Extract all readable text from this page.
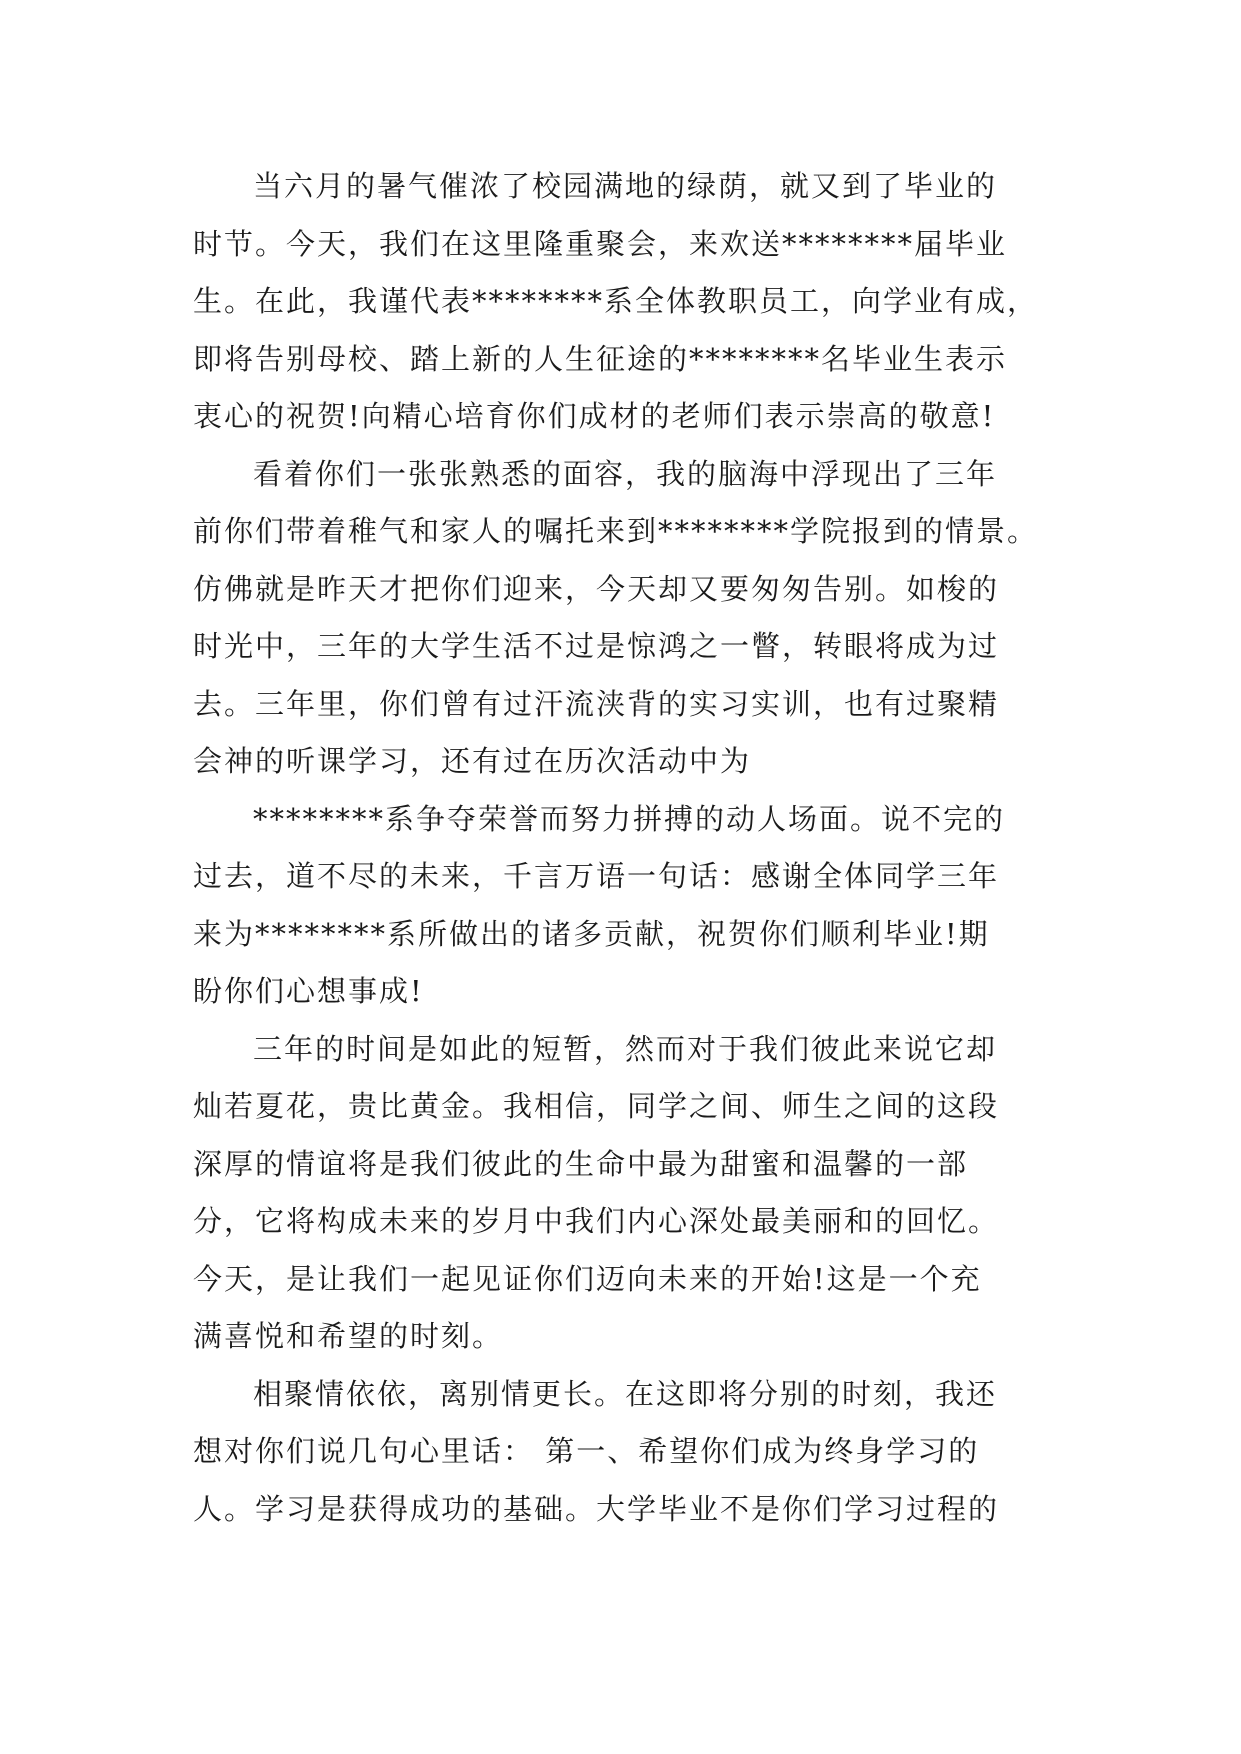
当六月的暑气催浓了校园满地的绿荫，就又到了毕业的
时节。今天，我们在这里隆重聚会，来欢送********届毕业
生。在此，我谨代表********系全体教职员工，向学业有成，
即将告别母校、踏上新的人生征途的********名毕业生表示
衷心的祝贺!向精心培育你们成材的老师们表示崇高的敬意!
看着你们一张张熟悉的面容，我的脑海中浮现出了三年
前你们带着稚气和家人的嘱托来到********学院报到的情景。
仿佛就是昨天才把你们迎来，今天却又要匆匆告别。如梭的
时光中，三年的大学生活不过是惊鸿之一瞥，转眼将成为过
去。三年里，你们曾有过汗流浃背的实习实训，也有过聚精
会神的听课学习，还有过在历次活动中为
********系争夺荣誉而努力拼搏的动人场面。说不完的
过去，道不尽的未来，千言万语一句话：感谢全体同学三年
来为********系所做出的诸多贡献，祝贺你们顺利毕业!期
盼你们心想事成!
三年的时间是如此的短暂，然而对于我们彼此来说它却
灿若夏花，贵比黄金。我相信，同学之间、师生之间的这段
深厚的情谊将是我们彼此的生命中最为甜蜜和温馨的一部
分，它将构成未来的岁月中我们内心深处最美丽和的回忆。
今天，是让我们一起见证你们迈向未来的开始!这是一个充
满喜悦和希望的时刻。
相聚情依依，离别情更长。在这即将分别的时刻，我还
想对你们说几句心里话： 第一、希望你们成为终身学习的
人。学习是获得成功的基础。大学毕业不是你们学习过程的
